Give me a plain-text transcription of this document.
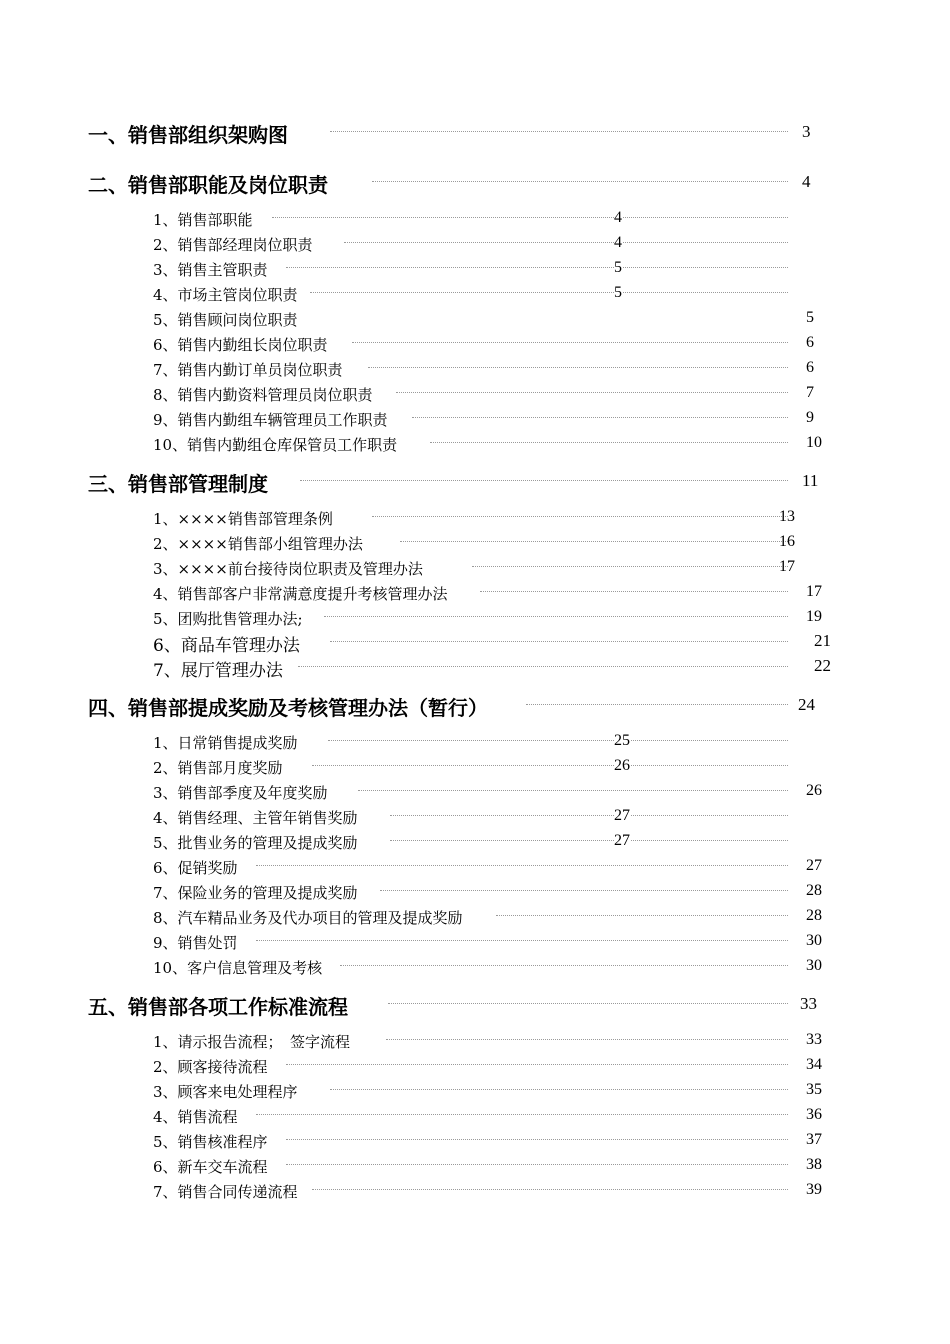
一、销售部组织架购图	3
二、销售部职能及岗位职责	4
1、销售部职能	4
2、销售部经理岗位职责	4
3、销售主管职责	5
4、市场主管岗位职责	5
5、销售顾问岗位职责	5
6、销售内勤组长岗位职责	6
7、销售内勤订单员岗位职责	6
8、销售内勤资料管理员岗位职责	7
9、销售内勤组车辆管理员工作职责	9
10、销售内勤组仓库保管员工作职责	10
三、销售部管理制度	11
1、××××销售部管理条例	13
2、××××销售部小组管理办法	16
3、××××前台接待岗位职责及管理办法	17
4、销售部客户非常满意度提升考核管理办法	17
5、团购批售管理办法;	19
6、商品车管理办法	21
7、展厅管理办法	22
四、销售部提成奖励及考核管理办法（暂行）	24
1、日常销售提成奖励	25
2、销售部月度奖励	26
3、销售部季度及年度奖励	26
4、销售经理、主管年销售奖励	27
5、批售业务的管理及提成奖励	27
6、促销奖励	27
7、保险业务的管理及提成奖励	28
8、汽车精品业务及代办项目的管理及提成奖励	28
9、销售处罚	30
10、客户信息管理及考核	30
五、销售部各项工作标准流程	33
1、请示报告流程；　签字流程	33
2、顾客接待流程	34
3、顾客来电处理程序	35
4、销售流程	36
5、销售核准程序	37
6、新车交车流程	38
7、销售合同传递流程	39
